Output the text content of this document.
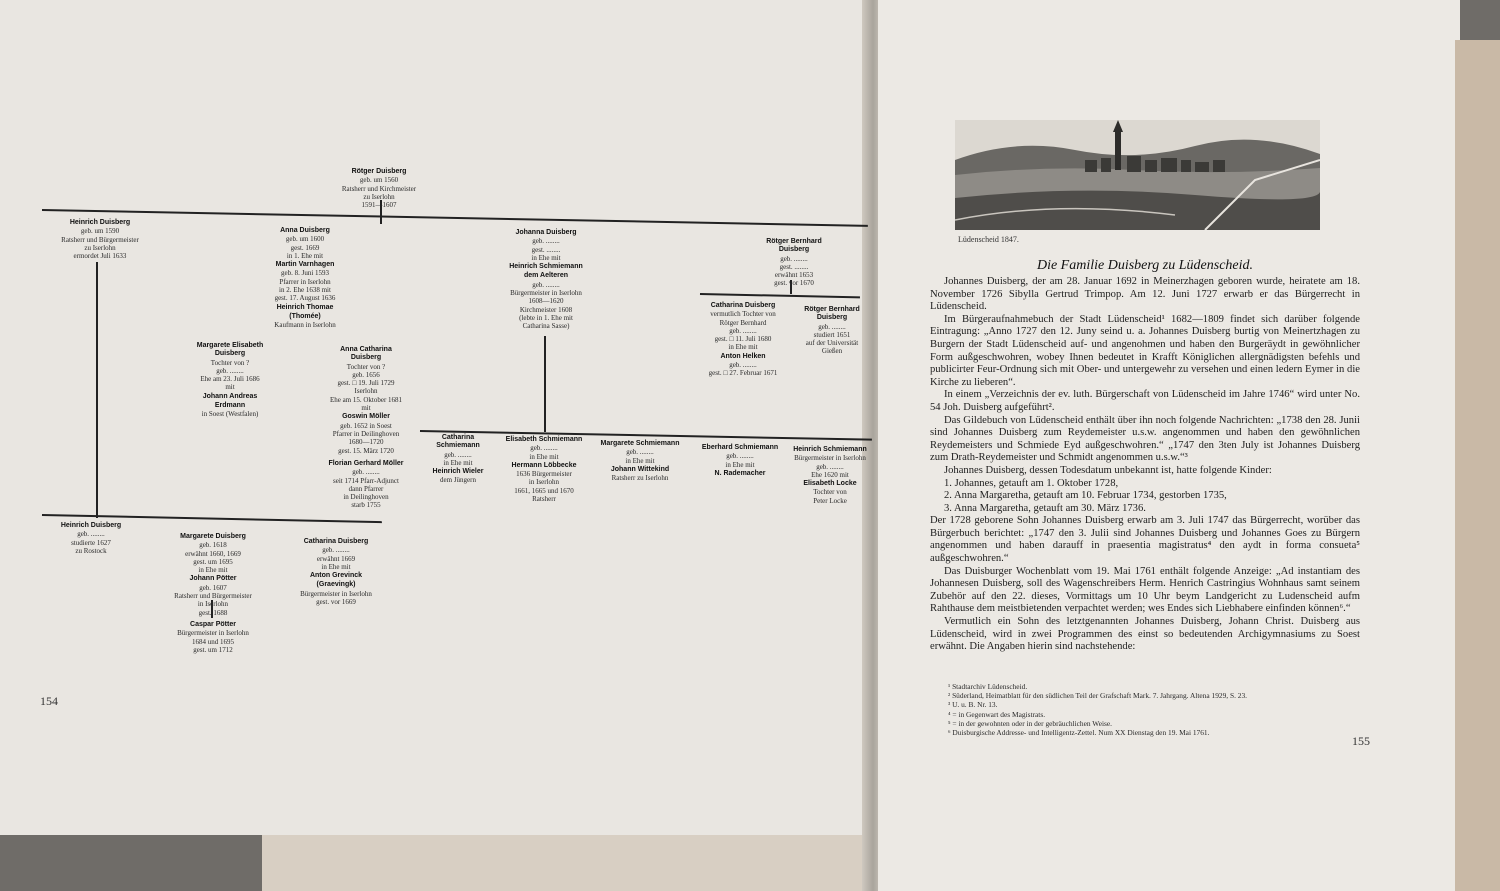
Rötger Duisberg
geb. um 1560
Ratsherr und Kirchmeister
zu Iserlohn
1591—1607
Heinrich Duisberg
geb. um 1590
Ratsherr und Bürgermeister
zu Iserlohn
ermordet Juli 1633
Anna Duisberg
geb. um 1600
gest. 1669
in 1. Ehe mit
Martin Varnhagen
geb. 8. Juni 1593
Pfarrer in Iserlohn
in 2. Ehe 1638 mit
gest. 17. August 1636
Heinrich Thomae
(Thomée)
Kaufmann in Iserlohn
Johanna Duisberg
geb. ........
gest. ........
in Ehe mit
Heinrich Schmiemann
dem Aelteren
geb. ........
Bürgermeister in Iserlohn
1608—1620
Kirchmeister 1608
(lebte in 1. Ehe mit
Catharina Sasse)
Rötger Bernhard
Duisberg
geb. ........
gest. ........
erwähnt 1653
gest. vor 1670
Margarete Elisabeth
Duisberg
Tochter von ?
geb. ........
Ehe am 23. Juli 1686
mit
Johann Andreas
Erdmann
in Soest (Westfalen)
Anna Catharina
Duisberg
Tochter von ?
geb. 1656
gest. □ 19. Juli 1729
Iserlohn
Ehe am 15. Oktober 1681
mit
Goswin Möller
geb. 1652 in Soest
Pfarrer in Deilinghoven
1680—1720
gest. 15. März 1720
Florian Gerhard Möller
geb. ........
seit 1714 Pfarr-Adjunct
dann Pfarrer
in Deilinghoven
starb 1755
Catharina Duisberg
vermutlich Tochter von
Rötger Bernhard
geb. ........
gest. □ 11. Juli 1680
in Ehe mit
Anton Helken
geb. ........
gest. □ 27. Februar 1671
Rötger Bernhard
Duisberg
geb. ........
studiert 1651
auf der Universität
Gießen
Catharina Schmiemann
geb. ........
in Ehe mit
Heinrich Wieler
dem Jüngern
Elisabeth Schmiemann
geb. ........
in Ehe mit
Hermann Löbbecke
1636 Bürgermeister
in Iserlohn
1661, 1665 und 1670
Ratsherr
Margarete Schmiemann
geb. ........
in Ehe mit
Johann Wittekind
Ratsherr zu Iserlohn
Eberhard Schmiemann
geb. ........
in Ehe mit
N. Rademacher
Heinrich Schmiemann
Bürgermeister in Iserlohn
geb. ........
Ehe 1620 mit
Elisabeth Locke
Tochter von
Peter Locke
Heinrich Duisberg
geb. ........
studierte 1627
zu Rostock
Margarete Duisberg
geb. 1618
erwähnt 1660, 1669
gest. um 1695
in Ehe mit
Johann Pötter
geb. 1607
Ratsherr und Bürgermeister
in Iserlohn
gest. 1688
Caspar Pötter
Bürgermeister in Iserlohn
1684 und 1695
gest. um 1712
Catharina Duisberg
geb. ........
erwähnt 1669
in Ehe mit
Anton Grevinck
(Graevingk)
Bürgermeister in Iserlohn
gest. vor 1669
154
Lüdenscheid 1847.
Die Familie Duisberg zu Lüdenscheid.

Johannes Duisberg, der am 28. Januar 1692 in Meinerzhagen geboren wurde, heiratete am 18. November 1726 Sibylla Gertrud Trimpop. Am 12. Juni 1727 erwarb er das Bürgerrecht in Lüdenscheid.

Im Bürgeraufnahmebuch der Stadt Lüdenscheid¹ 1682—1809 findet sich darüber folgende Eintragung: „Anno 1727 den 12. Juny seind u. a. Johannes Duisberg burtig von Meinertzhagen zu Burgern der Stadt Lüdenscheid auf- und angenohmen und haben den Burgeräydt in gewöhnlicher Form außgeschwohren, wobey Ihnen bedeutet in Krafft Königlichen allergnädigsten befehls und publicirter Feur-Ordnung sich mit Ober- und untergewehr zu versehen und einen ledern Eymer in die Kirche zu lieberen“.

In einem „Verzeichnis der ev. luth. Bürgerschaft von Lüdenscheid im Jahre 1746“ wird unter No. 54 Joh. Duisberg aufgeführt².

Das Gildebuch von Lüdenscheid enthält über ihn noch folgende Nachrichten: „1738 den 28. Junii sind Johannes Duisberg zum Reydemeister u.s.w. angenommen und haben den gewöhnlichen Reydemeisters und Schmiede Eyd außgeschwohren.“ „1747 den 3ten July ist Johannes Duisberg zum Drath-Reydemeister und Schmidt angenommen u.s.w.“³

Johannes Duisberg, dessen Todesdatum unbekannt ist, hatte folgende Kinder:

1. Johannes, getauft am 1. Oktober 1728,

2. Anna Margaretha, getauft am 10. Februar 1734, gestorben 1735,

3. Anna Margaretha, getauft am 30. März 1736.

Der 1728 geborene Sohn Johannes Duisberg erwarb am 3. Juli 1747 das Bürgerrecht, worüber das Bürgerbuch berichtet: „1747 den 3. Julii sind Johannes Duisberg und Johannes Goes zu Bürgern angenommen und haben darauff in praesentia magistratus⁴ den aydt in forma consueta⁵ außgeschwohren.“

Das Duisburger Wochenblatt vom 19. Mai 1761 enthält folgende Anzeige: „Ad instantiam des Johannesen Duisberg, soll des Wagenschreibers Herm. Henrich Castringius Wohnhaus samt seinem Zubehör auf den 22. dieses, Vormittags um 10 Uhr beym Landgericht zu Ludenscheid aufm Rahthause dem meistbietenden verpachtet werden; wes Endes sich Liebhabere einfinden können⁶.“

Vermutlich ein Sohn des letztgenannten Johannes Duisberg, Johann Christ. Duisberg aus Lüdenscheid, wird in zwei Programmen des einst so bedeutenden Archigymnasiums zu Soest erwähnt. Die Angaben hierin sind nachstehende:

¹ Stadtarchiv Lüdenscheid.
² Süderland, Heimatblatt für den südlichen Teil der Grafschaft Mark. 7. Jahrgang. Altena 1929, S. 23.
³ U. u. B. Nr. 13.
⁴ = in Gegenwart des Magistrats.
⁵ = in der gewohnten oder in der gebräuchlichen Weise.
⁶ Duisburgische Addresse- und Intelligentz-Zettel. Num XX Dienstag den 19. Mai 1761.
155
